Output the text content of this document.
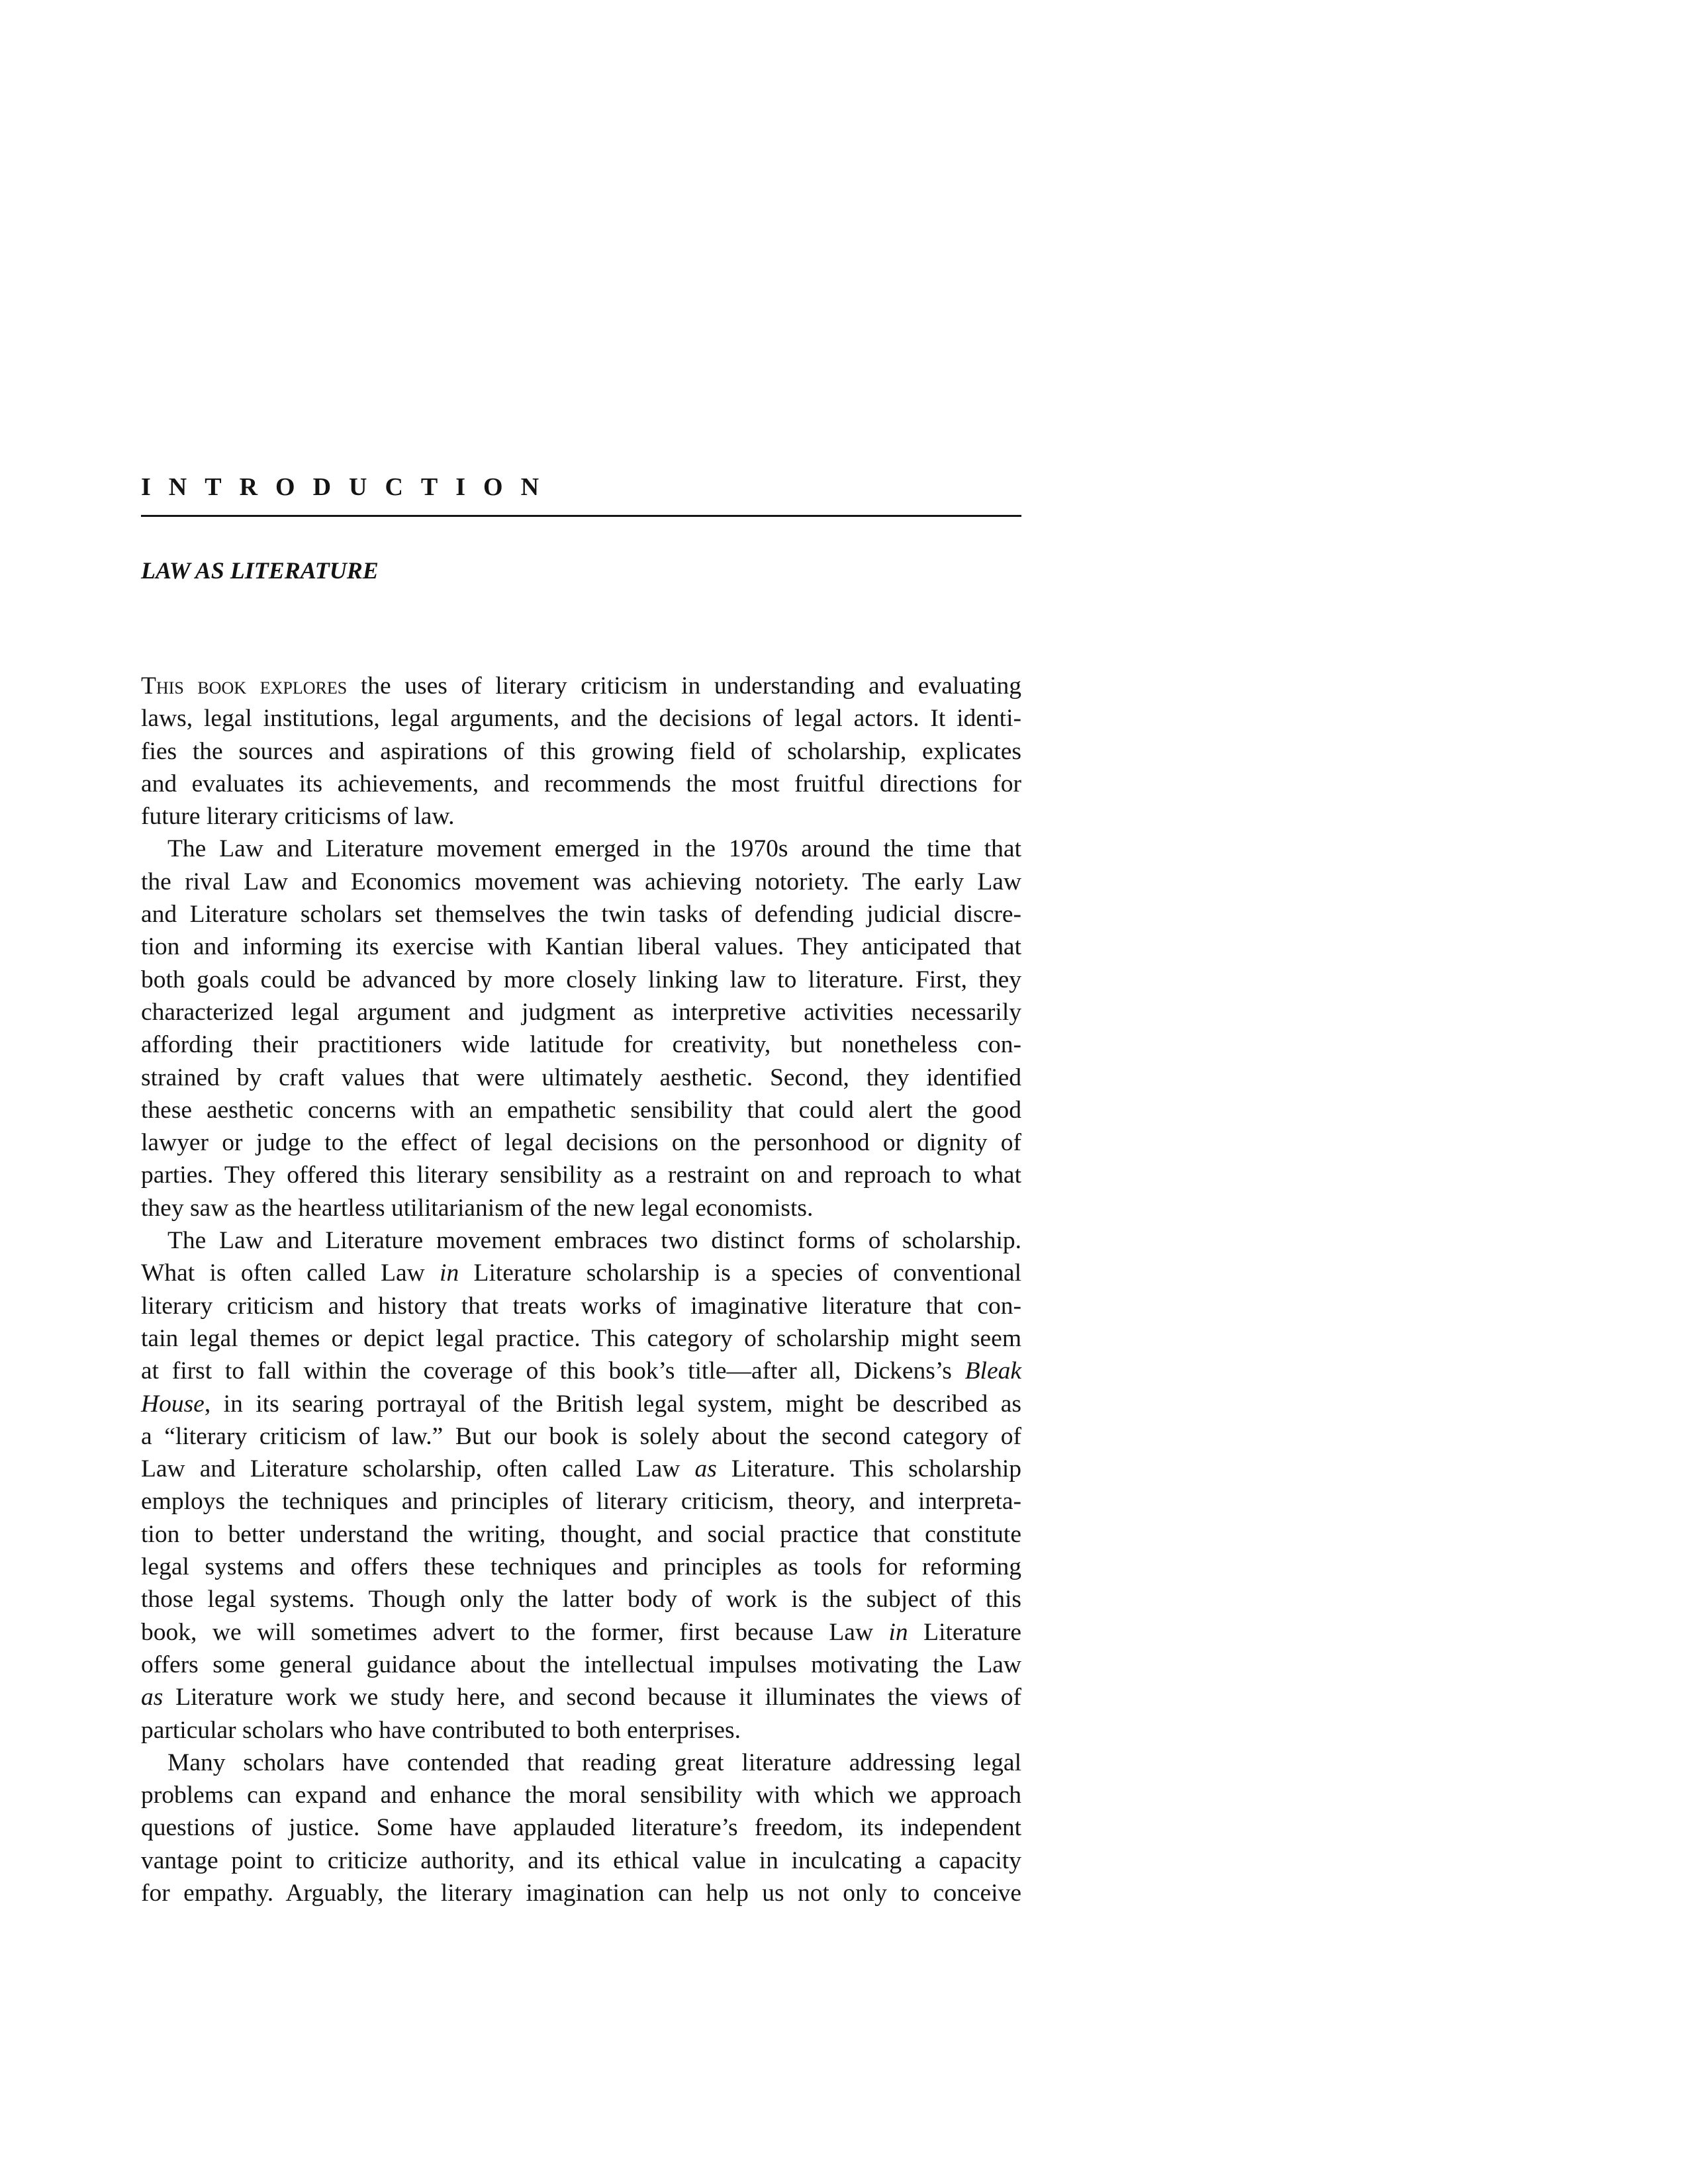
INTRODUCTION
LAW AS LITERATURE
This book explores the uses of literary criticism in understanding and evaluating
laws, legal institutions, legal arguments, and the decisions of legal actors. It identi-
fies the sources and aspirations of this growing field of scholarship, explicates
and evaluates its achievements, and recommends the most fruitful directions for
future literary criticisms of law.
The Law and Literature movement emerged in the 1970s around the time that
the rival Law and Economics movement was achieving notoriety. The early Law
and Literature scholars set themselves the twin tasks of defending judicial discre-
tion and informing its exercise with Kantian liberal values. They anticipated that
both goals could be advanced by more closely linking law to literature. First, they
characterized legal argument and judgment as interpretive activities necessarily
affording their practitioners wide latitude for creativity, but nonetheless con-
strained by craft values that were ultimately aesthetic. Second, they identified
these aesthetic concerns with an empathetic sensibility that could alert the good
lawyer or judge to the effect of legal decisions on the personhood or dignity of
parties. They offered this literary sensibility as a restraint on and reproach to what
they saw as the heartless utilitarianism of the new legal economists.
The Law and Literature movement embraces two distinct forms of scholarship.
What is often called Law in Literature scholarship is a species of conventional
literary criticism and history that treats works of imaginative literature that con-
tain legal themes or depict legal practice. This category of scholarship might seem
at first to fall within the coverage of this book’s title—after all, Dickens’s Bleak
House, in its searing portrayal of the British legal system, might be described as
a “literary criticism of law.” But our book is solely about the second category of
Law and Literature scholarship, often called Law as Literature. This scholarship
employs the techniques and principles of literary criticism, theory, and interpreta-
tion to better understand the writing, thought, and social practice that constitute
legal systems and offers these techniques and principles as tools for reforming
those legal systems. Though only the latter body of work is the subject of this
book, we will sometimes advert to the former, first because Law in Literature
offers some general guidance about the intellectual impulses motivating the Law
as Literature work we study here, and second because it illuminates the views of
particular scholars who have contributed to both enterprises.
Many scholars have contended that reading great literature addressing legal
problems can expand and enhance the moral sensibility with which we approach
questions of justice. Some have applauded literature’s freedom, its independent
vantage point to criticize authority, and its ethical value in inculcating a capacity
for empathy. Arguably, the literary imagination can help us not only to conceive
